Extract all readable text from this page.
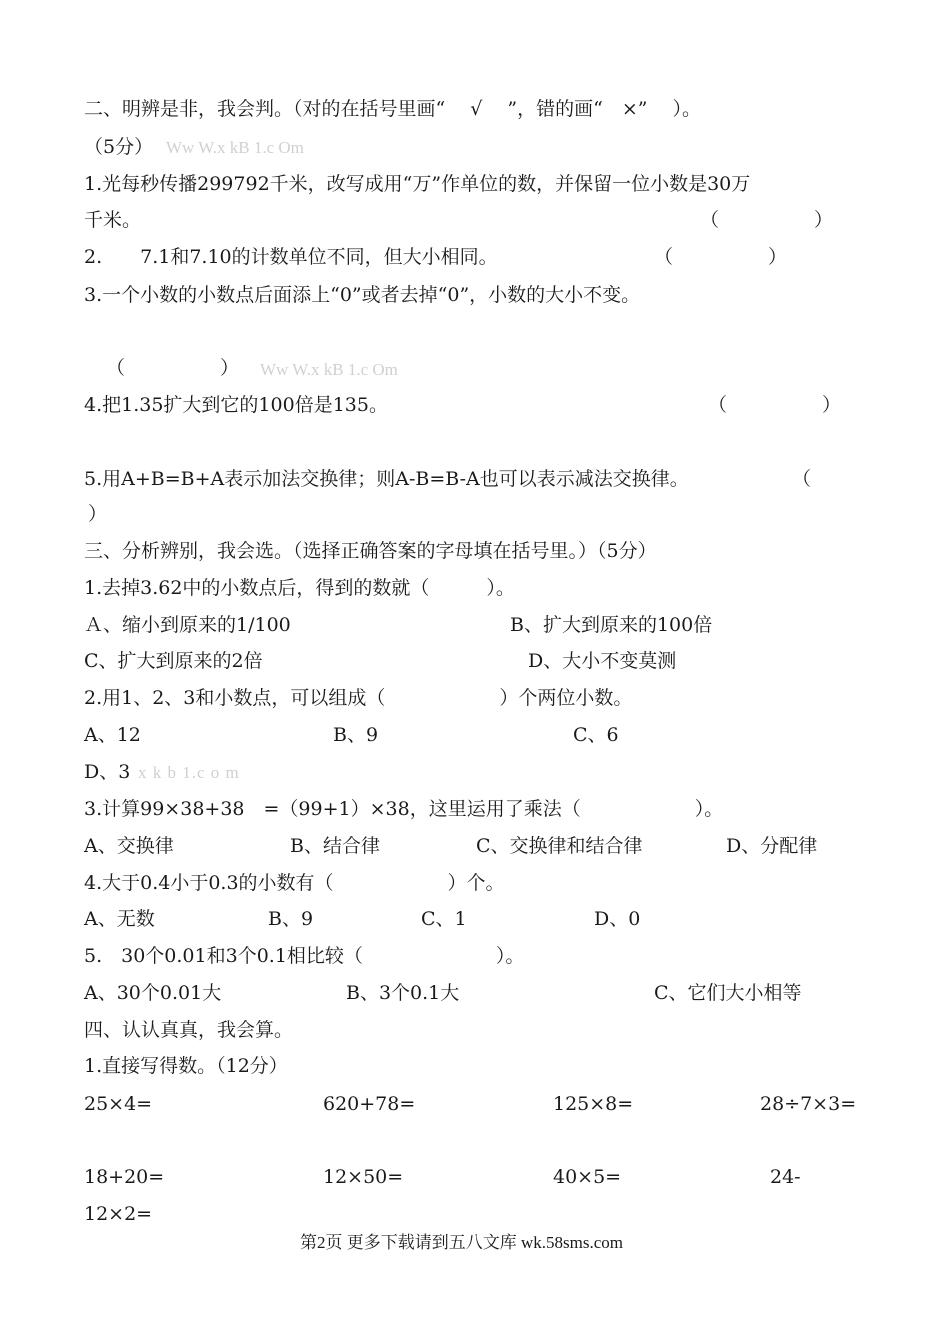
二、明辨是非，我会判。（对的在括号里画“　 √　 ”，错的画“　×”　 ）。
（5分） Ww W.x kB 1.c Om
1.光每秒传播299792千米，改写成用“万”作单位的数，并保留一位小数是30万
千米。	（　　　　　）
2.　　7.1和7.10的计数单位不同，但大小相同。	（　　　　　）
3.一个小数的小数点后面添上“0”或者去掉“0”，小数的大小不变。
（　　　　　） Ww W.x kB 1.c Om
4.把1.35扩大到它的100倍是135。	（　　　　　）
5.用A+B=B+A表示加法交换律；则A-B=B-A也可以表示减法交换律。	（
）
三、分析辨别，我会选。（选择正确答案的字母填在括号里。）（5分）
1.去掉3.62中的小数点后，得到的数就（　　　）。
Ａ、缩小到原来的1/100	B、扩大到原来的100倍
C、扩大到原来的2倍	D、大小不变莫测
2.用1、2、3和小数点，可以组成（　　　　　　）个两位小数。
A、12	B、9	C、6
D、3 x k b 1.c o m
3.计算99×38+38　=（99+1）×38，这里运用了乘法（　　　　　　）。
A、交换律	B、结合律	C、交换律和结合律	D、分配律
4.大于0.4小于0.3的小数有（　　　　　　）个。
A、无数	B、9	C、1	D、0
5.　30个0.01和3个0.1相比较（　　　　　　　）。
A、30个0.01大	B、3个0.1大	C、它们大小相等
四、认认真真，我会算。
1.直接写得数。（12分）
25×4=	620+78=	125×8=	28÷7×3=
18+20=	12×50=	40×5=	24-
12×2=
第2页 更多下载请到五八文库 wk.58sms.com
